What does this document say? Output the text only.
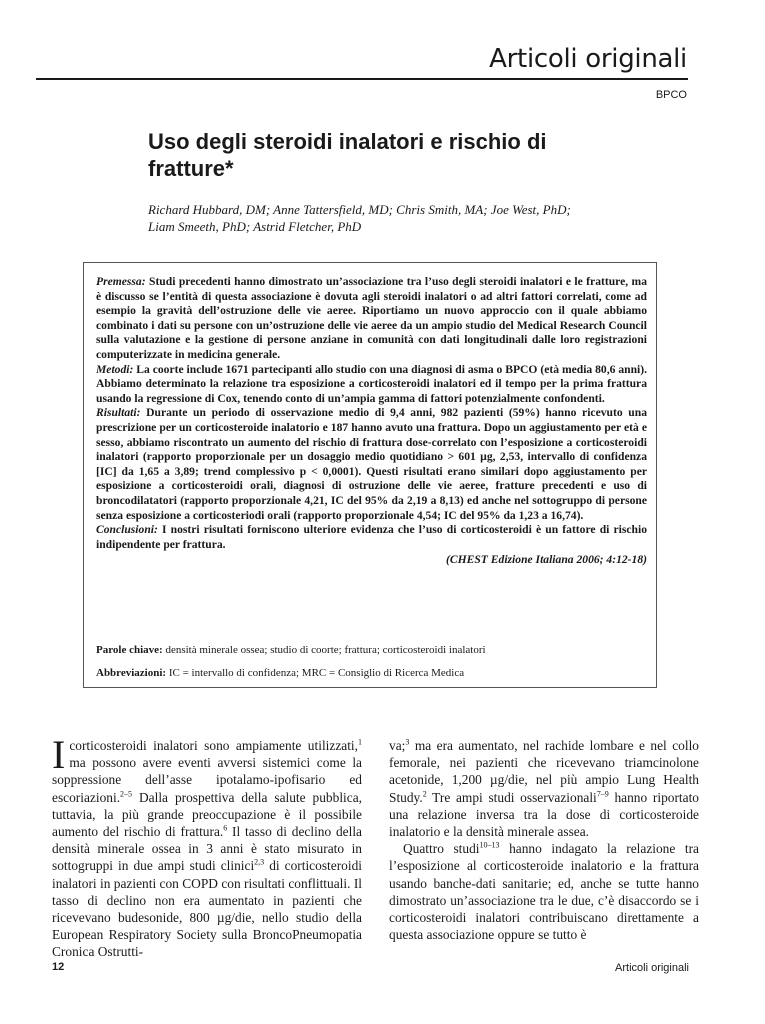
Articoli originali
BPCO
Uso degli steroidi inalatori e rischio di fratture*
Richard Hubbard, DM; Anne Tattersfield, MD; Chris Smith, MA; Joe West, PhD;
Liam Smeeth, PhD; Astrid Fletcher, PhD

Premessa: Studi precedenti hanno dimostrato un’associazione tra l’uso degli steroidi inalatori e le fratture, ma è discusso se l’entità di questa associazione è dovuta agli steroidi inalatori o ad altri fattori correlati, come ad esempio la gravità dell’ostruzione delle vie aeree. Riportiamo un nuovo approccio con il quale abbiamo combinato i dati su persone con un’ostruzione delle vie aeree da un ampio studio del Medical Research Council sulla valutazione e la gestione di persone anziane in comunità con dati longitudinali dalle loro registrazioni computerizzate in medicina generale.

Metodi: La coorte include 1671 partecipanti allo studio con una diagnosi di asma o BPCO (età media 80,6 anni). Abbiamo determinato la relazione tra esposizione a corticosteroidi inalatori ed il tempo per la prima frattura usando la regressione di Cox, tenendo conto di un’ampia gamma di fattori potenzialmente confondenti.

Risultati: Durante un periodo di osservazione medio di 9,4 anni, 982 pazienti (59%) hanno ricevuto una prescrizione per un corticosteroide inalatorio e 187 hanno avuto una frattura. Dopo un aggiustamento per età e sesso, abbiamo riscontrato un aumento del rischio di frattura dose-correlato con l’esposizione a corticosteroidi inalatori (rapporto proporzionale per un dosaggio medio quotidiano > 601 µg, 2,53, intervallo di confidenza [IC] da 1,65 a 3,89; trend complessivo p < 0,0001). Questi risultati erano similari dopo aggiustamento per esposizione a corticosteroidi orali, diagnosi di ostruzione delle vie aeree, fratture precedenti e uso di broncodilatatori (rapporto proporzionale 4,21, IC del 95% da 2,19 a 8,13) ed anche nel sottogruppo di persone senza esposizione a corticosteriodi orali (rapporto proporzionale 4,54; IC del 95% da 1,23 a 16,74).

Conclusioni: I nostri risultati forniscono ulteriore evidenza che l’uso di corticosteroidi è un fattore di rischio indipendente per frattura.

(CHEST Edizione Italiana 2006; 4:12-18)

Parole chiave: densità minerale ossea; studio di coorte; frattura; corticosteroidi inalatori
Abbreviazioni: IC = intervallo di confidenza; MRC = Consiglio di Ricerca Medica

I corticosteroidi inalatori sono ampiamente utilizzati,$^1$ ma possono avere eventi avversi sistemici come la soppressione dell’asse ipotalamo-ipofisario ed escoriazioni.$^{2-5}$ Dalla prospettiva della salute pubblica, tuttavia, la più grande preoccupazione è il possibile aumento del rischio di frattura.$^6$ Il tasso di declino della densità minerale ossea in 3 anni è stato misurato in sottogruppi in due ampi studi clinici$^{2,3}$ di corticosteroidi inalatori in pazienti con COPD con risultati conflittuali. Il tasso di declino non era aumentato in pazienti che ricevevano budesonide, 800 µg/die, nello studio della European Respiratory Society sulla BroncoPneumopatia Cronica Ostrutti-

va;$^3$ ma era aumentato, nel rachide lombare e nel collo femorale, nei pazienti che ricevevano triamcinolone acetonide, 1,200 µg/die, nel più ampio Lung Health Study.$^2$ Tre ampi studi osservazionali$^{7-9}$ hanno riportato una relazione inversa tra la dose di corticosteroide inalatorio e la densità minerale assea.

Quattro studi$^{10-13}$ hanno indagato la relazione tra l’esposizione al corticosteroide inalatorio e la frattura usando banche-dati sanitarie; ed, anche se tutte hanno dimostrato un’associazione tra le due, c’è disaccordo se i corticosteroidi inalatori contribuiscano direttamente a questa associazione oppure se tutto è

12	Articoli originali
